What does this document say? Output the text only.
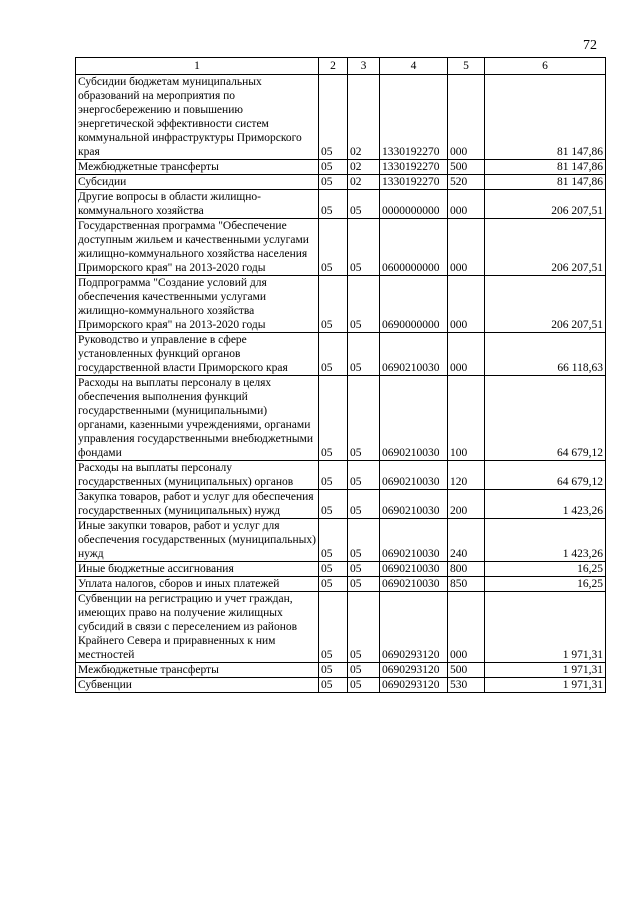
72
1	2	3	4	5	6
Субсидии бюджетам муниципальных образований на мероприятия по энергосбережению и повышению энергетической эффективности систем коммунальной инфраструктуры Приморского края	05	02	1330192270	000	81 147,86
Межбюджетные трансферты	05	02	1330192270	500	81 147,86
Субсидии	05	02	1330192270	520	81 147,86
Другие вопросы в области жилищно-коммунального хозяйства	05	05	0000000000	000	206 207,51
Государственная программа "Обеспечение доступным жильем и качественными услугами жилищно-коммунального хозяйства населения Приморского края" на 2013-2020 годы	05	05	0600000000	000	206 207,51
Подпрограмма "Создание условий для обеспечения качественными услугами жилищно-коммунального хозяйства Приморского края" на 2013-2020 годы	05	05	0690000000	000	206 207,51
Руководство и управление в сфере установленных функций органов государственной власти Приморского края	05	05	0690210030	000	66 118,63
Расходы на выплаты персоналу в целях обеспечения выполнения функций государственными (муниципальными) органами, казенными учреждениями, органами управления государственными внебюджетными фондами	05	05	0690210030	100	64 679,12
Расходы на выплаты персоналу государственных (муниципальных) органов	05	05	0690210030	120	64 679,12
Закупка товаров, работ и услуг для обеспечения государственных (муниципальных) нужд	05	05	0690210030	200	1 423,26
Иные закупки товаров, работ и услуг для обеспечения государственных (муниципальных) нужд	05	05	0690210030	240	1 423,26
Иные бюджетные ассигнования	05	05	0690210030	800	16,25
Уплата налогов, сборов и иных платежей	05	05	0690210030	850	16,25
Субвенции на регистрацию и учет граждан, имеющих право на получение жилищных субсидий в связи с переселением из районов Крайнего Севера и приравненных к ним местностей	05	05	0690293120	000	1 971,31
Межбюджетные трансферты	05	05	0690293120	500	1 971,31
Субвенции	05	05	0690293120	530	1 971,31
